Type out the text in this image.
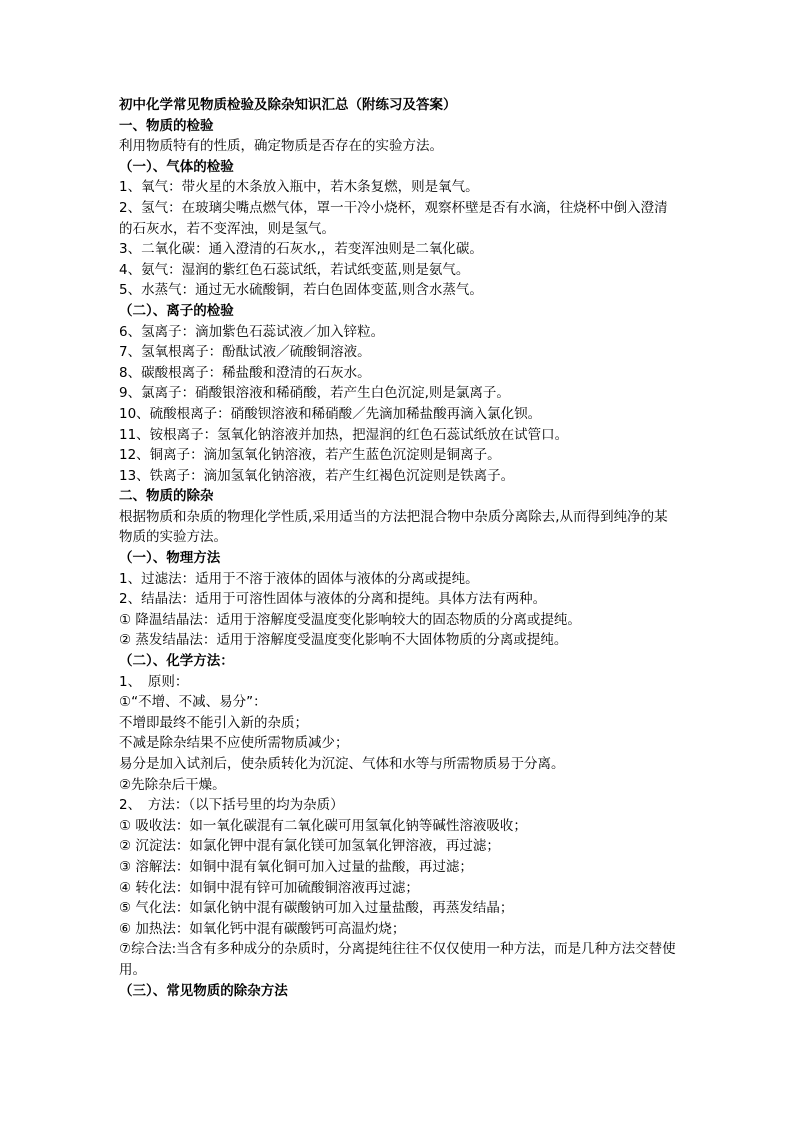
初中化学常见物质检验及除杂知识汇总（附练习及答案）
一、物质的检验
利用物质特有的性质，确定物质是否存在的实验方法。
（一）、气体的检验
1、氧气：带火星的木条放入瓶中，若木条复燃，则是氧气。
2、氢气：在玻璃尖嘴点燃气体，罩一干冷小烧杯，观察杯壁是否有水滴，往烧杯中倒入澄清的石灰水，若不变浑浊，则是氢气。
3、二氧化碳：通入澄清的石灰水,，若变浑浊则是二氧化碳。
4、氨气：湿润的紫红色石蕊试纸，若试纸变蓝,则是氨气。
5、水蒸气：通过无水硫酸铜，若白色固体变蓝,则含水蒸气。
（二）、离子的检验
6、氢离子：滴加紫色石蕊试液／加入锌粒。
7、氢氧根离子：酚酞试液／硫酸铜溶液。
8、碳酸根离子：稀盐酸和澄清的石灰水。
9、氯离子：硝酸银溶液和稀硝酸，若产生白色沉淀,则是氯离子。
10、硫酸根离子：硝酸钡溶液和稀硝酸／先滴加稀盐酸再滴入氯化钡。
11、铵根离子：氢氧化钠溶液并加热，把湿润的红色石蕊试纸放在试管口。
12、铜离子：滴加氢氧化钠溶液，若产生蓝色沉淀则是铜离子。
13、铁离子：滴加氢氧化钠溶液，若产生红褐色沉淀则是铁离子。
二、物质的除杂
根据物质和杂质的物理化学性质,采用适当的方法把混合物中杂质分离除去,从而得到纯净的某物质的实验方法。
（一）、物理方法
1、过滤法：适用于不溶于液体的固体与液体的分离或提纯。
2、结晶法：适用于可溶性固体与液体的分离和提纯。具体方法有两种。
① 降温结晶法：适用于溶解度受温度变化影响较大的固态物质的分离或提纯。
② 蒸发结晶法：适用于溶解度受温度变化影响不大固体物质的分离或提纯。
（二）、化学方法：
1、　原则：
①“不增、不减、易分”：
不增即最终不能引入新的杂质；
不减是除杂结果不应使所需物质减少；
易分是加入试剂后，使杂质转化为沉淀、气体和水等与所需物质易于分离。
②先除杂后干燥。
2、　方法：（以下括号里的均为杂质）
① 吸收法：如一氧化碳混有二氧化碳可用氢氧化钠等碱性溶液吸收；
② 沉淀法：如氯化钾中混有氯化镁可加氢氧化钾溶液，再过滤；
③ 溶解法：如铜中混有氧化铜可加入过量的盐酸，再过滤；
④ 转化法：如铜中混有锌可加硫酸铜溶液再过滤；
⑤ 气化法：如氯化钠中混有碳酸钠可加入过量盐酸，再蒸发结晶；
⑥ 加热法：如氧化钙中混有碳酸钙可高温灼烧；
⑦综合法:当含有多种成分的杂质时，分离提纯往往不仅仅使用一种方法，而是几种方法交替使用。
（三）、常见物质的除杂方法
